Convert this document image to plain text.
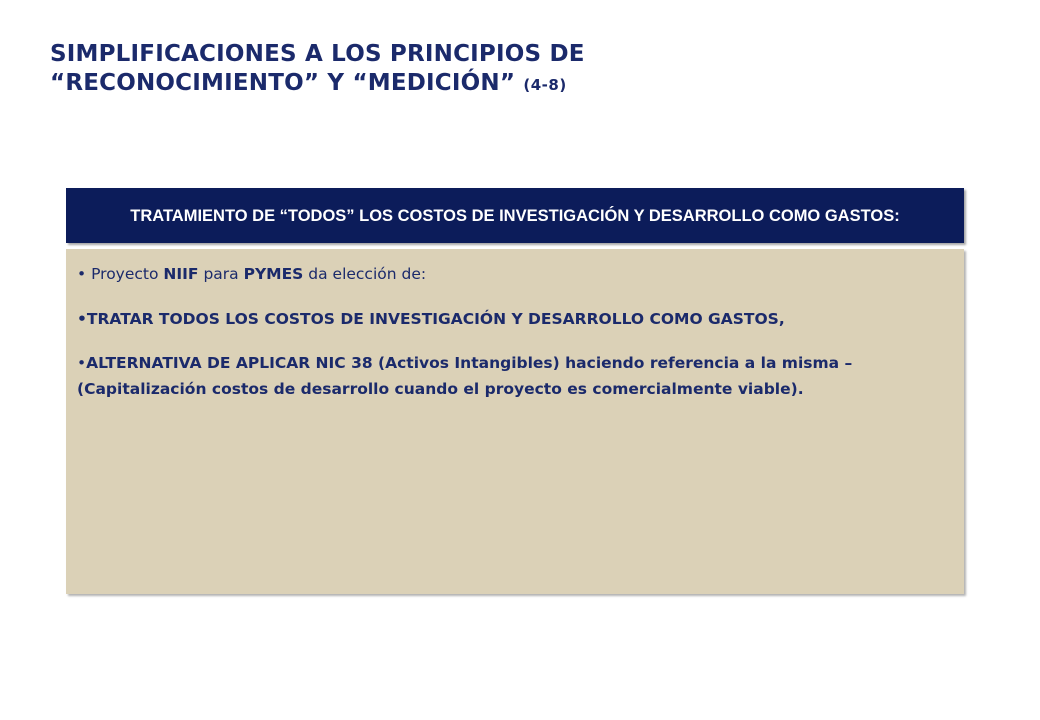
SIMPLIFICACIONES A LOS PRINCIPIOS DE
“RECONOCIMIENTO” Y “MEDICIÓN” (4-8)
TRATAMIENTO DE “TODOS” LOS COSTOS DE INVESTIGACIÓN Y DESARROLLO COMO GASTOS:

• Proyecto NIIF para PYMES da elección de:

•TRATAR TODOS LOS COSTOS DE INVESTIGACIÓN Y DESARROLLO COMO GASTOS,

•ALTERNATIVA DE APLICAR NIC 38 (Activos Intangibles) haciendo referencia a la misma – (Capitalización costos de desarrollo cuando el proyecto es comercialmente viable).
